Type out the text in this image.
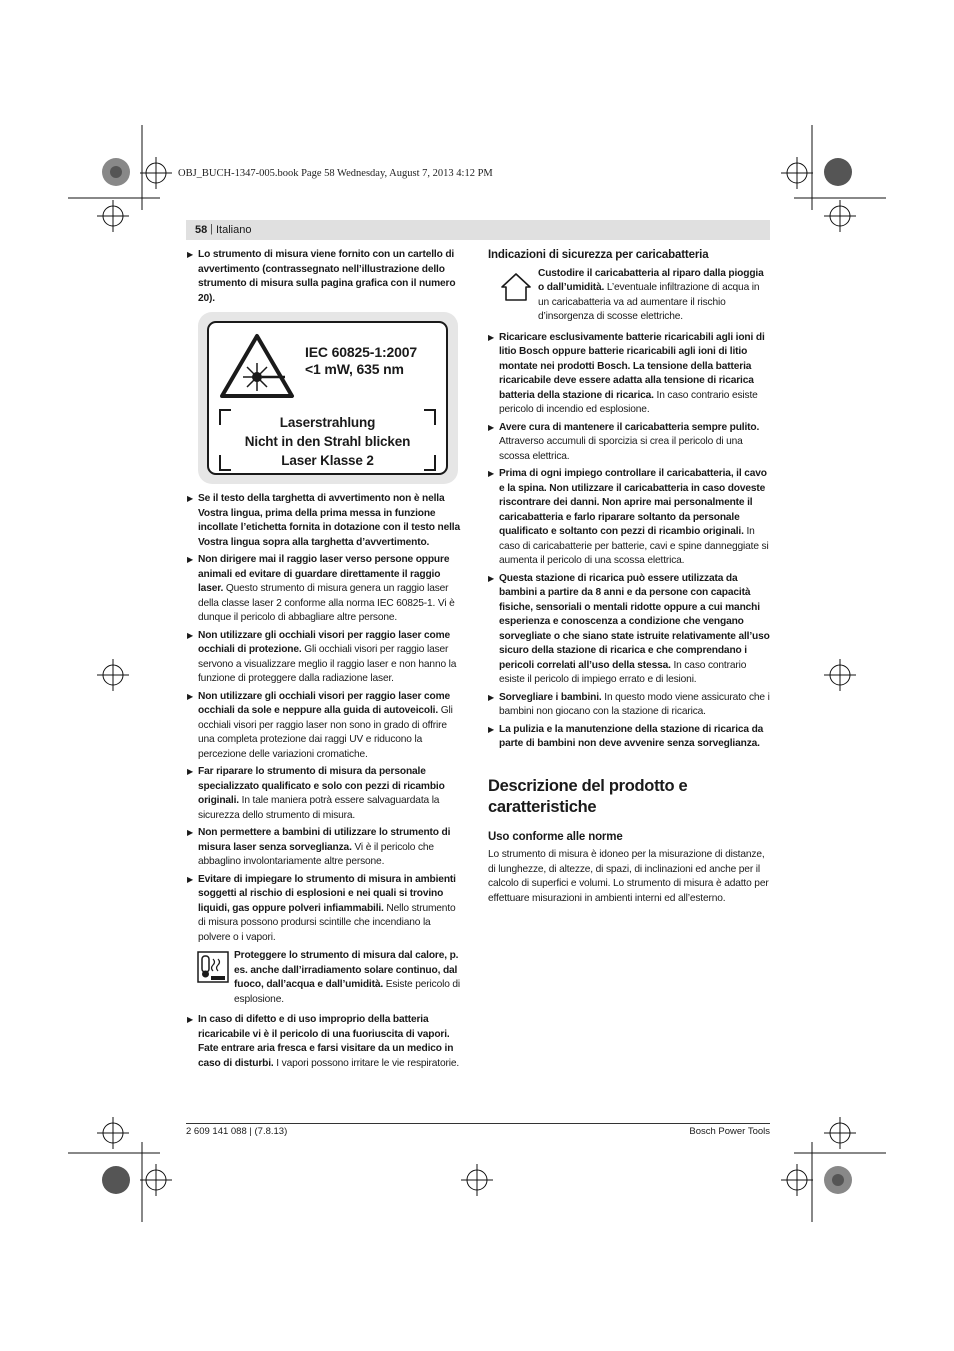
OBJ_BUCH-1347-005.book Page 58 Wednesday, August 7, 2013 4:12 PM
58 | Italiano
▶ Lo strumento di misura viene fornito con un cartello di avvertimento (contrassegnato nell’illustrazione dello strumento di misura sulla pagina grafica con il numero 20).
IEC 60825-1:2007
<1 mW, 635 nm
Laserstrahlung
Nicht in den Strahl blicken
Laser Klasse 2
▶ Se il testo della targhetta di avvertimento non è nella Vostra lingua, prima della prima messa in funzione incollate l’etichetta fornita in dotazione con il testo nella Vostra lingua sopra alla targhetta d’avvertimento.
▶ Non dirigere mai il raggio laser verso persone oppure animali ed evitare di guardare direttamente il raggio laser. Questo strumento di misura genera un raggio laser della classe laser 2 conforme alla norma IEC 60825-1. Vi è dunque il pericolo di abbagliare altre persone.
▶ Non utilizzare gli occhiali visori per raggio laser come occhiali di protezione. Gli occhiali visori per raggio laser servono a visualizzare meglio il raggio laser e non hanno la funzione di proteggere dalla radiazione laser.
▶ Non utilizzare gli occhiali visori per raggio laser come occhiali da sole e neppure alla guida di autoveicoli. Gli occhiali visori per raggio laser non sono in grado di offrire una completa protezione dai raggi UV e riducono la percezione delle variazioni cromatiche.
▶ Far riparare lo strumento di misura da personale specializzato qualificato e solo con pezzi di ricambio originali. In tale maniera potrà essere salvaguardata la sicurezza dello strumento di misura.
▶ Non permettere a bambini di utilizzare lo strumento di misura laser senza sorveglianza. Vi è il pericolo che abbaglino involontariamente altre persone.
▶ Evitare di impiegare lo strumento di misura in ambienti soggetti al rischio di esplosioni e nei quali si trovino liquidi, gas oppure polveri infiammabili. Nello strumento di misura possono prodursi scintille che incendiano la polvere o i vapori.
Proteggere lo strumento di misura dal calore, p. es. anche dall’irradiamento solare continuo, dal fuoco, dall’acqua e dall’umidità. Esiste pericolo di esplosione.
▶ In caso di difetto e di uso improprio della batteria ricaricabile vi è il pericolo di una fuoriuscita di vapori. Fate entrare aria fresca e farsi visitare da un medico in caso di disturbi. I vapori possono irritare le vie respiratorie.
Indicazioni di sicurezza per caricabatteria
Custodire il caricabatteria al riparo dalla pioggia o dall’umidità. L’eventuale infiltrazione di acqua in un caricabatteria va ad aumentare il rischio d’insorgenza di scosse elettriche.
▶ Ricaricare esclusivamente batterie ricaricabili agli ioni di litio Bosch oppure batterie ricaricabili agli ioni di litio montate nei prodotti Bosch. La tensione della batteria ricaricabile deve essere adatta alla tensione di ricarica batteria della stazione di ricarica. In caso contrario esiste pericolo di incendio ed esplosione.
▶ Avere cura di mantenere il caricabatteria sempre pulito. Attraverso accumuli di sporcizia si crea il pericolo di una scossa elettrica.
▶ Prima di ogni impiego controllare il caricabatteria, il cavo e la spina. Non utilizzare il caricabatteria in caso doveste riscontrare dei danni. Non aprire mai personalmente il caricabatteria e farlo riparare soltanto da personale qualificato e soltanto con pezzi di ricambio originali. In caso di caricabatterie per batterie, cavi e spine danneggiate si aumenta il pericolo di una scossa elettrica.
▶ Questa stazione di ricarica può essere utilizzata da bambini a partire da 8 anni e da persone con capacità fisiche, sensoriali o mentali ridotte oppure a cui manchi esperienza e conoscenza a condizione che vengano sorvegliate o che siano state istruite relativamente all’uso sicuro della stazione di ricarica e che comprendano i pericoli correlati all’uso della stessa. In caso contrario esiste il pericolo di impiego errato e di lesioni.
▶ Sorvegliare i bambini. In questo modo viene assicurato che i bambini non giocano con la stazione di ricarica.
▶ La pulizia e la manutenzione della stazione di ricarica da parte di bambini non deve avvenire senza sorveglianza.
Descrizione del prodotto e caratteristiche
Uso conforme alle norme

Lo strumento di misura è idoneo per la misurazione di distanze, di lunghezze, di altezze, di spazi, di inclinazioni ed anche per il calcolo di superfici e volumi. Lo strumento di misura è adatto per effettuare misurazioni in ambienti interni ed all’esterno.

2 609 141 088 | (7.8.13)	Bosch Power Tools
